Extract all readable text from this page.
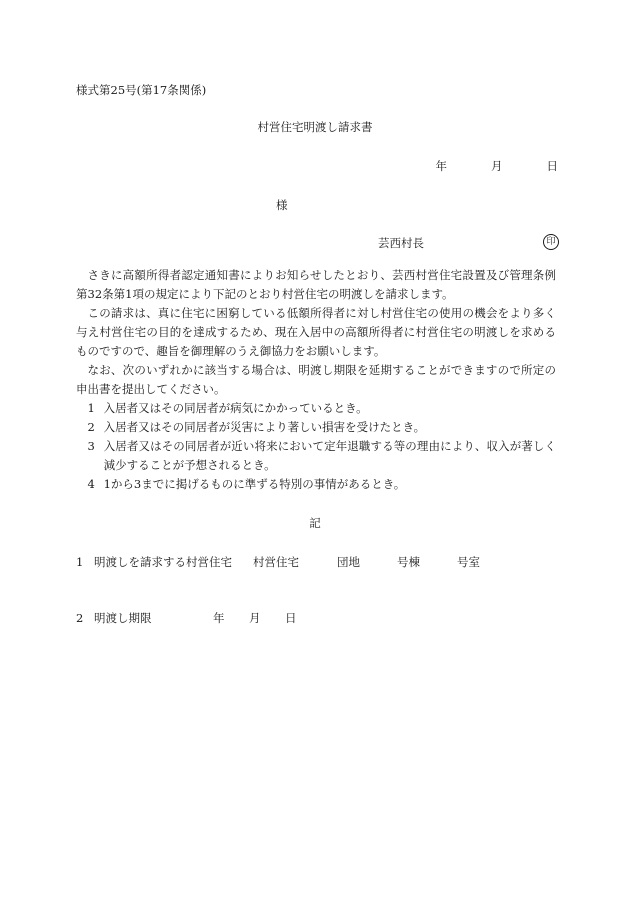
様式第25号(第17条関係)
村営住宅明渡し請求書
年	月	日
様
芸西村長	印

さきに高額所得者認定通知書によりお知らせしたとおり、芸西村営住宅設置及び管理条例第32条第1項の規定により下記のとおり村営住宅の明渡しを請求します。

この請求は、真に住宅に困窮している低額所得者に対し村営住宅の使用の機会をより多く与え村営住宅の目的を達成するため、現在入居中の高額所得者に村営住宅の明渡しを求めるものですので、趣旨を御理解のうえ御協力をお願いします。

なお、次のいずれかに該当する場合は、明渡し期限を延期することができますので所定の申出書を提出してください。

1 入居者又はその同居者が病気にかかっているとき。
2 入居者又はその同居者が災害により著しい損害を受けたとき。
3 入居者又はその同居者が近い将来において定年退職する等の理由により、収入が著しく減少することが予想されるとき。
4 1から3までに掲げるものに準ずる特別の事情があるとき。
記
1 明渡しを請求する村営住宅 村営住宅	団地	号棟	号室
2 明渡し期限	年 月 日
